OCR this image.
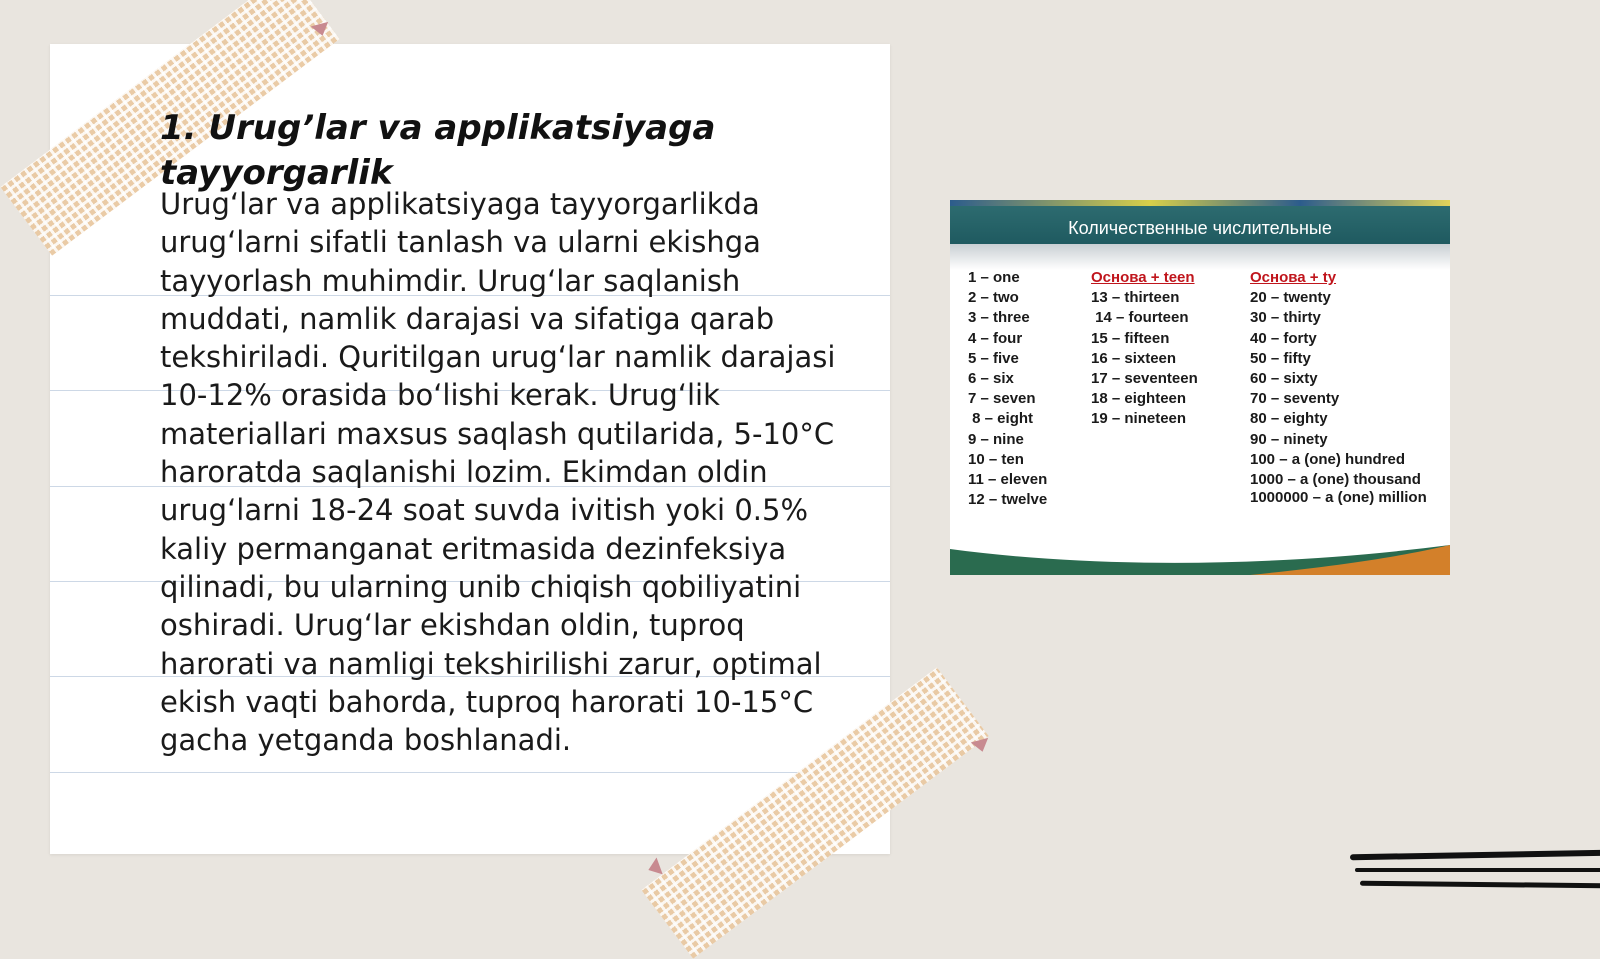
1. Urug’lar va applikatsiyaga tayyorgarlik

Urug‘lar va applikatsiyaga tayyorgarlikda urug‘larni sifatli tanlash va ularni ekishga tayyorlash muhimdir. Urug‘lar saqlanish muddati, namlik darajasi va sifatiga qarab tekshiriladi. Quritilgan urug‘lar namlik darajasi 10-12% orasida bo‘lishi kerak. Urug‘lik materiallari maxsus saqlash qutilarida, 5-10°C haroratda saqlanishi lozim. Ekimdan oldin urug‘larni 18-24 soat suvda ivitish yoki 0.5% kaliy permanganat eritmasida dezinfeksiya qilinadi, bu ularning unib chiqish qobiliyatini oshiradi. Urug‘lar ekishdan oldin, tuproq harorati va namligi tekshirilishi zarur, optimal ekish vaqti bahorda, tuproq harorati 10-15°C gacha yetganda boshlanadi.

Количественные числительные
1 – one
2 – two
3 – three
4 – four
5 – five
6 – six
7 – seven
8 – eight
9 – nine
10 – ten
11 – eleven
12 – twelve
Основа + teen
13 – thirteen
14 – fourteen
15 – fifteen
16 – sixteen
17 – seventeen
18 – eighteen
19 – nineteen
Основа + ty
20 – twenty
30 – thirty
40 – forty
50 – fifty
60 – sixty
70 – seventy
80 – eighty
90 – ninety
100 – a (one) hundred
1000 – a (one) thousand
1000000 – a (one) million
